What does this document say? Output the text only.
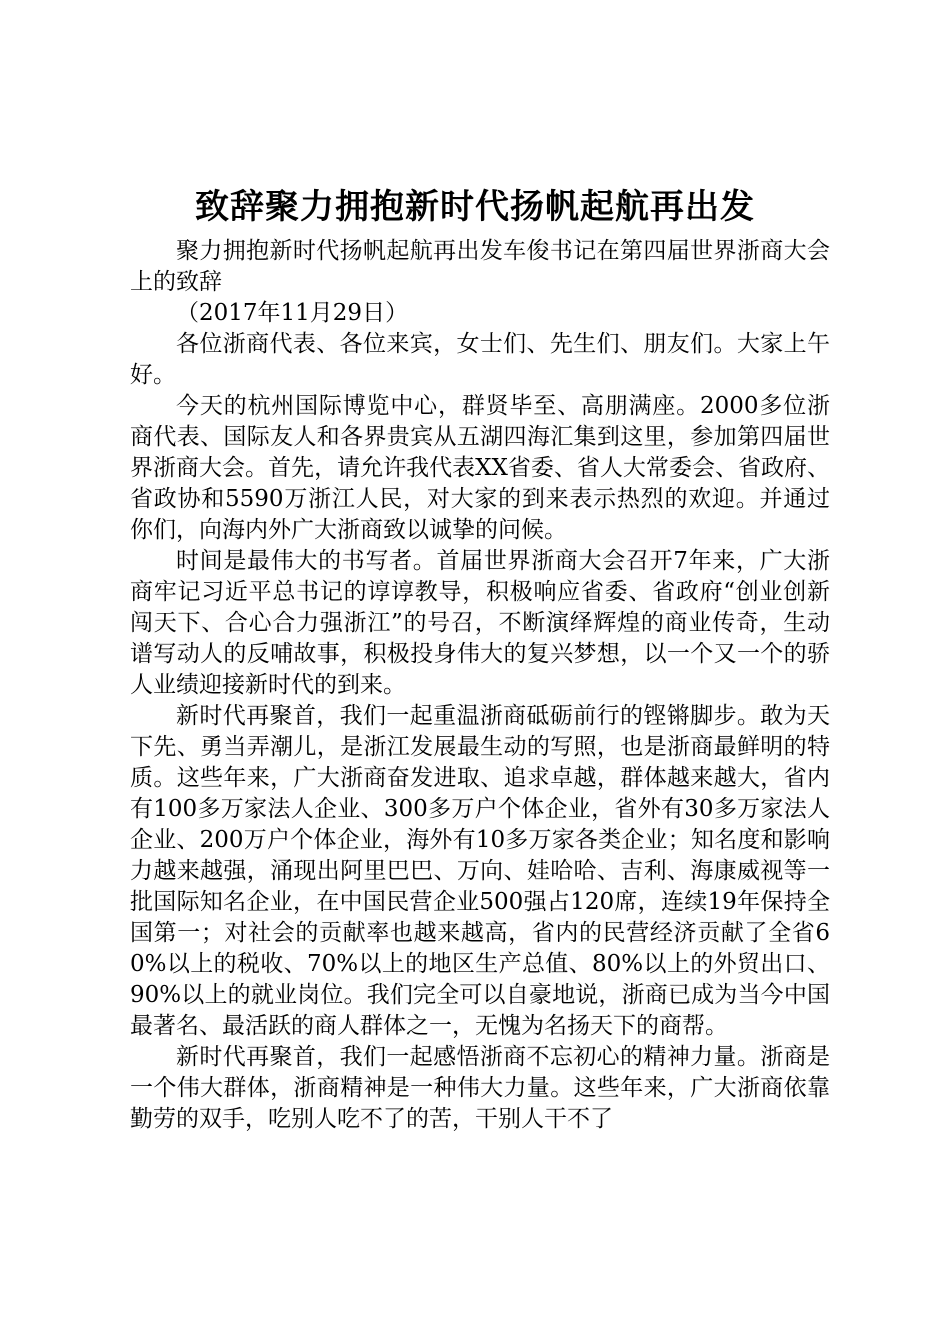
致辞聚力拥抱新时代扬帆起航再出发

聚力拥抱新时代扬帆起航再出发车俊书记在第四届世界浙商大会上的致辞

（2017年11月29日）

各位浙商代表、各位来宾，女士们、先生们、朋友们。大家上午好。

今天的杭州国际博览中心，群贤毕至、高朋满座。2000多位浙商代表、国际友人和各界贵宾从五湖四海汇集到这里，参加第四届世界浙商大会。首先，请允许我代表XX省委、省人大常委会、省政府、省政协和5590万浙江人民，对大家的到来表示热烈的欢迎。并通过你们，向海内外广大浙商致以诚挚的问候。

时间是最伟大的书写者。首届世界浙商大会召开7年来，广大浙商牢记习近平总书记的谆谆教导，积极响应省委、省政府“创业创新闯天下、合心合力强浙江”的号召，不断演绎辉煌的商业传奇，生动谱写动人的反哺故事，积极投身伟大的复兴梦想，以一个又一个的骄人业绩迎接新时代的到来。

新时代再聚首，我们一起重温浙商砥砺前行的铿锵脚步。敢为天下先、勇当弄潮儿，是浙江发展最生动的写照，也是浙商最鲜明的特质。这些年来，广大浙商奋发进取、追求卓越，群体越来越大，省内有100多万家法人企业、300多万户个体企业，省外有30多万家法人企业、200万户个体企业，海外有10多万家各类企业；知名度和影响力越来越强，涌现出阿里巴巴、万向、娃哈哈、吉利、海康威视等一批国际知名企业，在中国民营企业500强占120席，连续19年保持全国第一；对社会的贡献率也越来越高，省内的民营经济贡献了全省60%以上的税收、70%以上的地区生产总值、80%以上的外贸出口、90%以上的就业岗位。我们完全可以自豪地说，浙商已成为当今中国最著名、最活跃的商人群体之一，无愧为名扬天下的商帮。

新时代再聚首，我们一起感悟浙商不忘初心的精神力量。浙商是一个伟大群体，浙商精神是一种伟大力量。这些年来，广大浙商依靠勤劳的双手，吃别人吃不了的苦，干别人干不了
